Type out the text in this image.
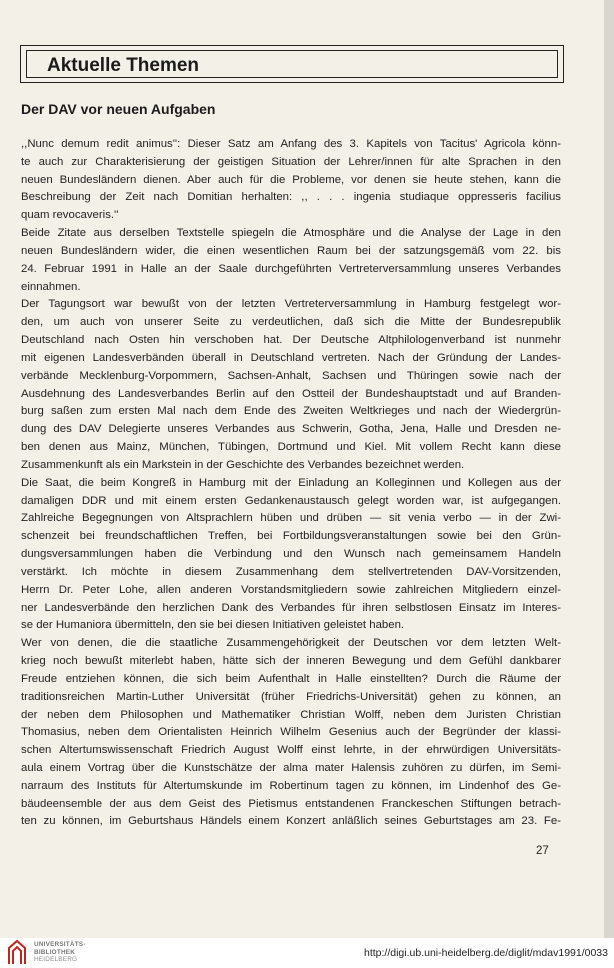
Aktuelle Themen
Der DAV vor neuen Aufgaben
,,Nunc demum redit animus'': Dieser Satz am Anfang des 3. Kapitels von Tacitus' Agricola könn-
te auch zur Charakterisierung der geistigen Situation der Lehrer/innen für alte Sprachen in den
neuen Bundesländern dienen. Aber auch für die Probleme, vor denen sie heute stehen, kann die
Beschreibung der Zeit nach Domitian herhalten: ,, . . . ingenia studiaque oppresseris facilius
quam revocaveris.''
Beide Zitate aus derselben Textstelle spiegeln die Atmosphäre und die Analyse der Lage in den
neuen Bundesländern wider, die einen wesentlichen Raum bei der satzungsgemäß vom 22. bis
24. Februar 1991 in Halle an der Saale durchgeführten Vertreterversammlung unseres Verbandes
einnahmen.
Der Tagungsort war bewußt von der letzten Vertreterversammlung in Hamburg festgelegt wor-
den, um auch von unserer Seite zu verdeutlichen, daß sich die Mitte der Bundesrepublik
Deutschland nach Osten hin verschoben hat. Der Deutsche Altphilologenverband ist nunmehr
mit eigenen Landesverbänden überall in Deutschland vertreten. Nach der Gründung der Landes-
verbände Mecklenburg-Vorpommern, Sachsen-Anhalt, Sachsen und Thüringen sowie nach der
Ausdehnung des Landesverbandes Berlin auf den Ostteil der Bundeshauptstadt und auf Branden-
burg saßen zum ersten Mal nach dem Ende des Zweiten Weltkrieges und nach der Wiedergrün-
dung des DAV Delegierte unseres Verbandes aus Schwerin, Gotha, Jena, Halle und Dresden ne-
ben denen aus Mainz, München, Tübingen, Dortmund und Kiel. Mit vollem Recht kann diese
Zusammenkunft als ein Markstein in der Geschichte des Verbandes bezeichnet werden.
Die Saat, die beim Kongreß in Hamburg mit der Einladung an Kolleginnen und Kollegen aus der
damaligen DDR und mit einem ersten Gedankenaustausch gelegt worden war, ist aufgegangen.
Zahlreiche Begegnungen von Altsprachlern hüben und drüben — sit venia verbo — in der Zwi-
schenzeit bei freundschaftlichen Treffen, bei Fortbildungsveranstaltungen sowie bei den Grün-
dungsversammlungen haben die Verbindung und den Wunsch nach gemeinsamem Handeln
verstärkt. Ich möchte in diesem Zusammenhang dem stellvertretenden DAV-Vorsitzenden,
Herrn Dr. Peter Lohe, allen anderen Vorstandsmitgliedern sowie zahlreichen Mitgliedern einzel-
ner Landesverbände den herzlichen Dank des Verbandes für ihren selbstlosen Einsatz im Interes-
se der Humaniora übermitteln, den sie bei diesen Initiativen geleistet haben.
Wer von denen, die die staatliche Zusammengehörigkeit der Deutschen vor dem letzten Welt-
krieg noch bewußt miterlebt haben, hätte sich der inneren Bewegung und dem Gefühl dankbarer
Freude entziehen können, die sich beim Aufenthalt in Halle einstellten? Durch die Räume der
traditionsreichen Martin-Luther Universität (früher Friedrichs-Universität) gehen zu können, an
der neben dem Philosophen und Mathematiker Christian Wolff, neben dem Juristen Christian
Thomasius, neben dem Orientalisten Heinrich Wilhelm Gesenius auch der Begründer der klassi-
schen Altertumswissenschaft Friedrich August Wolff einst lehrte, in der ehrwürdigen Universitäts-
aula einem Vortrag über die Kunstschätze der alma mater Halensis zuhören zu dürfen, im Semi-
narraum des Instituts für Altertumskunde im Robertinum tagen zu können, im Lindenhof des Ge-
bäudeensemble der aus dem Geist des Pietismus entstandenen Franckeschen Stiftungen betrach-
ten zu können, im Geburtshaus Händels einem Konzert anläßlich seines Geburtstages am 23. Fe-
27
UNIVERSITÄTS-
BIBLIOTHEK
HEIDELBERG
http://digi.ub.uni-heidelberg.de/diglit/mdav1991/0033
